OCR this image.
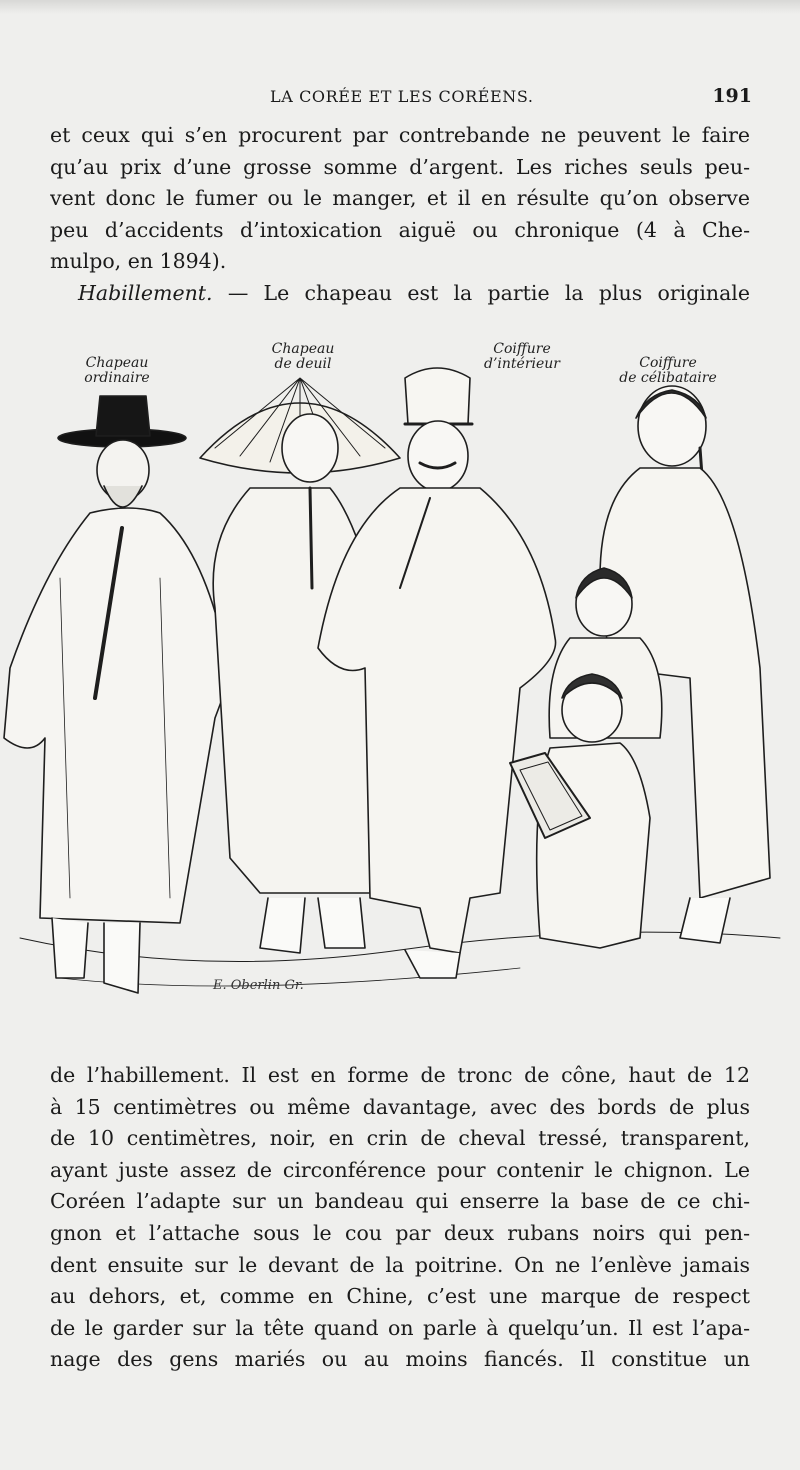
LA CORÉE ET LES CORÉENS.	191
et ceux qui s’en procurent par contrebande ne peuvent le faire
qu’au prix d’une grosse somme d’argent. Les riches seuls peu-
vent donc le fumer ou le manger, et il en résulte qu’on observe
peu d’accidents d’intoxication aiguë ou chronique (4 à Che-
mulpo, en 1894).
Habillement. — Le chapeau est la partie la plus originale
Chapeau
ordinaire
Chapeau
de deuil
Coiffure
d’intérieur	Coiffure
de célibataire
E. Oberlin Gr.
de l’habillement. Il est en forme de tronc de cône, haut de 12
à 15 centimètres ou même davantage, avec des bords de plus
de 10 centimètres, noir, en crin de cheval tressé, transparent,
ayant juste assez de circonférence pour contenir le chignon. Le
Coréen l’adapte sur un bandeau qui enserre la base de ce chi-
gnon et l’attache sous le cou par deux rubans noirs qui pen-
dent ensuite sur le devant de la poitrine. On ne l’enlève jamais
au dehors, et, comme en Chine, c’est une marque de respect
de le garder sur la tête quand on parle à quelqu’un. Il est l’apa-
nage des gens mariés ou au moins fiancés. Il constitue un
